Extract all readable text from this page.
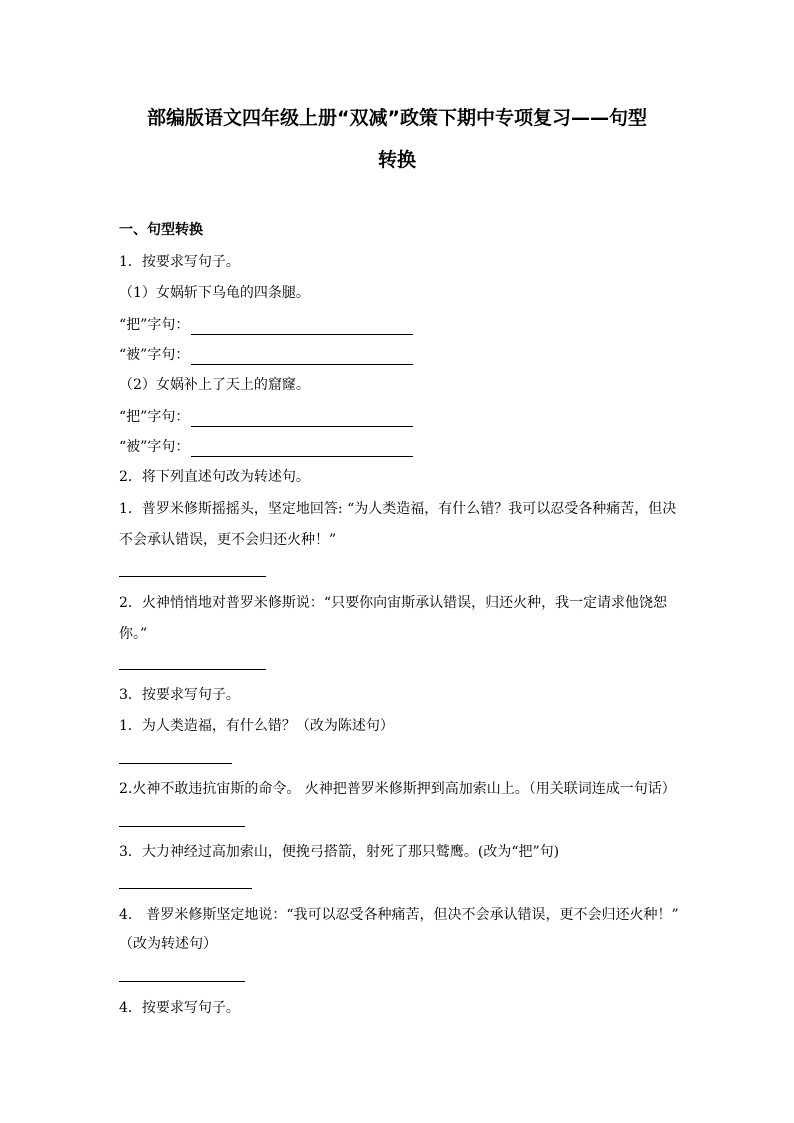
部编版语文四年级上册“双减”政策下期中专项复习——句型
转换

一、句型转换

1．按要求写句子。

（1）女娲斩下乌龟的四条腿。

“把”字句：

“被”字句：

（2）女娲补上了天上的窟窿。

“把”字句：

“被”字句：

2．将下列直述句改为转述句。

1．普罗米修斯摇摇头，坚定地回答: “为人类造福，有什么错？我可以忍受各种痛苦，但决

不会承认错误，更不会归还火种！”

2．火神悄悄地对普罗米修斯说：“只要你向宙斯承认错误，归还火种，我一定请求他饶恕

你。”

3．按要求写句子。

1．为人类造福，有什么错？（改为陈述句）

2.火神不敢违抗宙斯的命令。 火神把普罗米修斯押到高加索山上。（用关联词连成一句话）

3．大力神经过高加索山，便挽弓搭箭，射死了那只鹫鹰。(改为“把”句)

4． 普罗米修斯坚定地说：“我可以忍受各种痛苦，但决不会承认错误，更不会归还火种！”

（改为转述句）

4．按要求写句子。
